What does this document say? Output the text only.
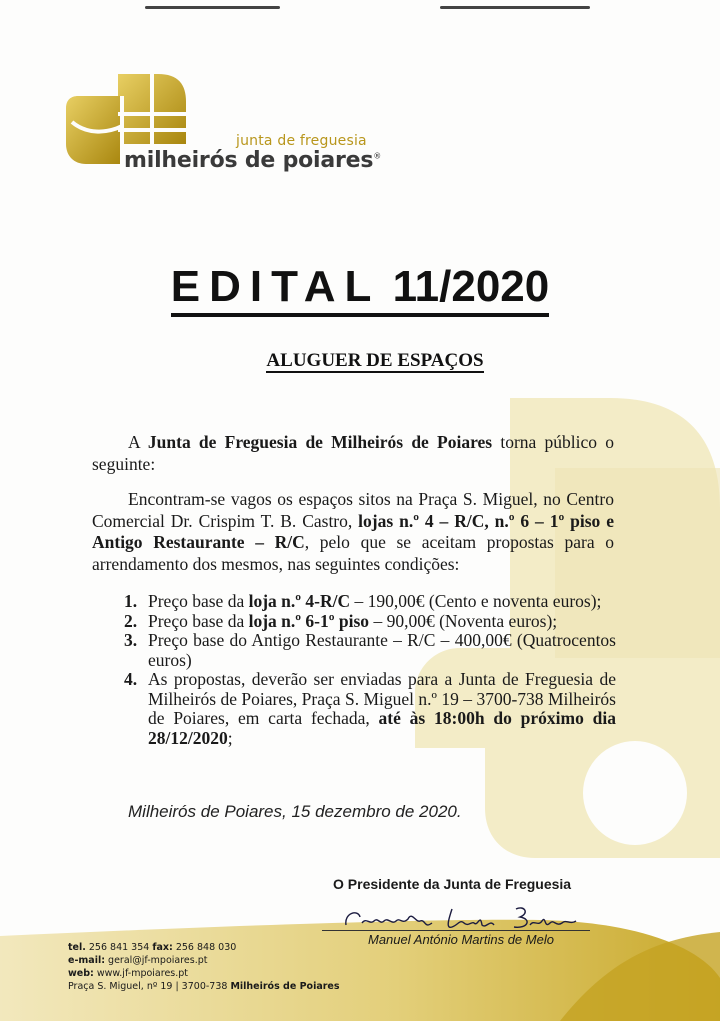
junta de freguesia
milheirós de poiares®
EDITAL 11/2020
ALUGUER DE ESPAÇOS
A Junta de Freguesia de Milheirós de Poiares torna público o seguinte:
Encontram-se vagos os espaços sitos na Praça S. Miguel, no Centro Comercial Dr. Crispim T. B. Castro, lojas n.º 4 – R/C, n.º 6 – 1º piso e Antigo Restaurante – R/C, pelo que se aceitam propostas para o arrendamento dos mesmos, nas seguintes condições:
1. Preço base da loja n.º 4-R/C – 190,00€ (Cento e noventa euros);
2. Preço base da loja n.º 6-1º piso – 90,00€ (Noventa euros);
3. Preço base do Antigo Restaurante – R/C – 400,00€ (Quatrocentos euros)
4. As propostas, deverão ser enviadas para a Junta de Freguesia de Milheirós de Poiares, Praça S. Miguel n.º 19 – 3700-738 Milheirós de Poiares, em carta fechada, até às 18:00h do próximo dia 28/12/2020;
Milheirós de Poiares, 15 dezembro de 2020.
O Presidente da Junta de Freguesia
Manuel António Martins de Melo
tel. 256 841 354 fax: 256 848 030
e-mail: geral@jf-mpoiares.pt
web: www.jf-mpoiares.pt
Praça S. Miguel, nº 19 | 3700-738 Milheirós de Poiares
